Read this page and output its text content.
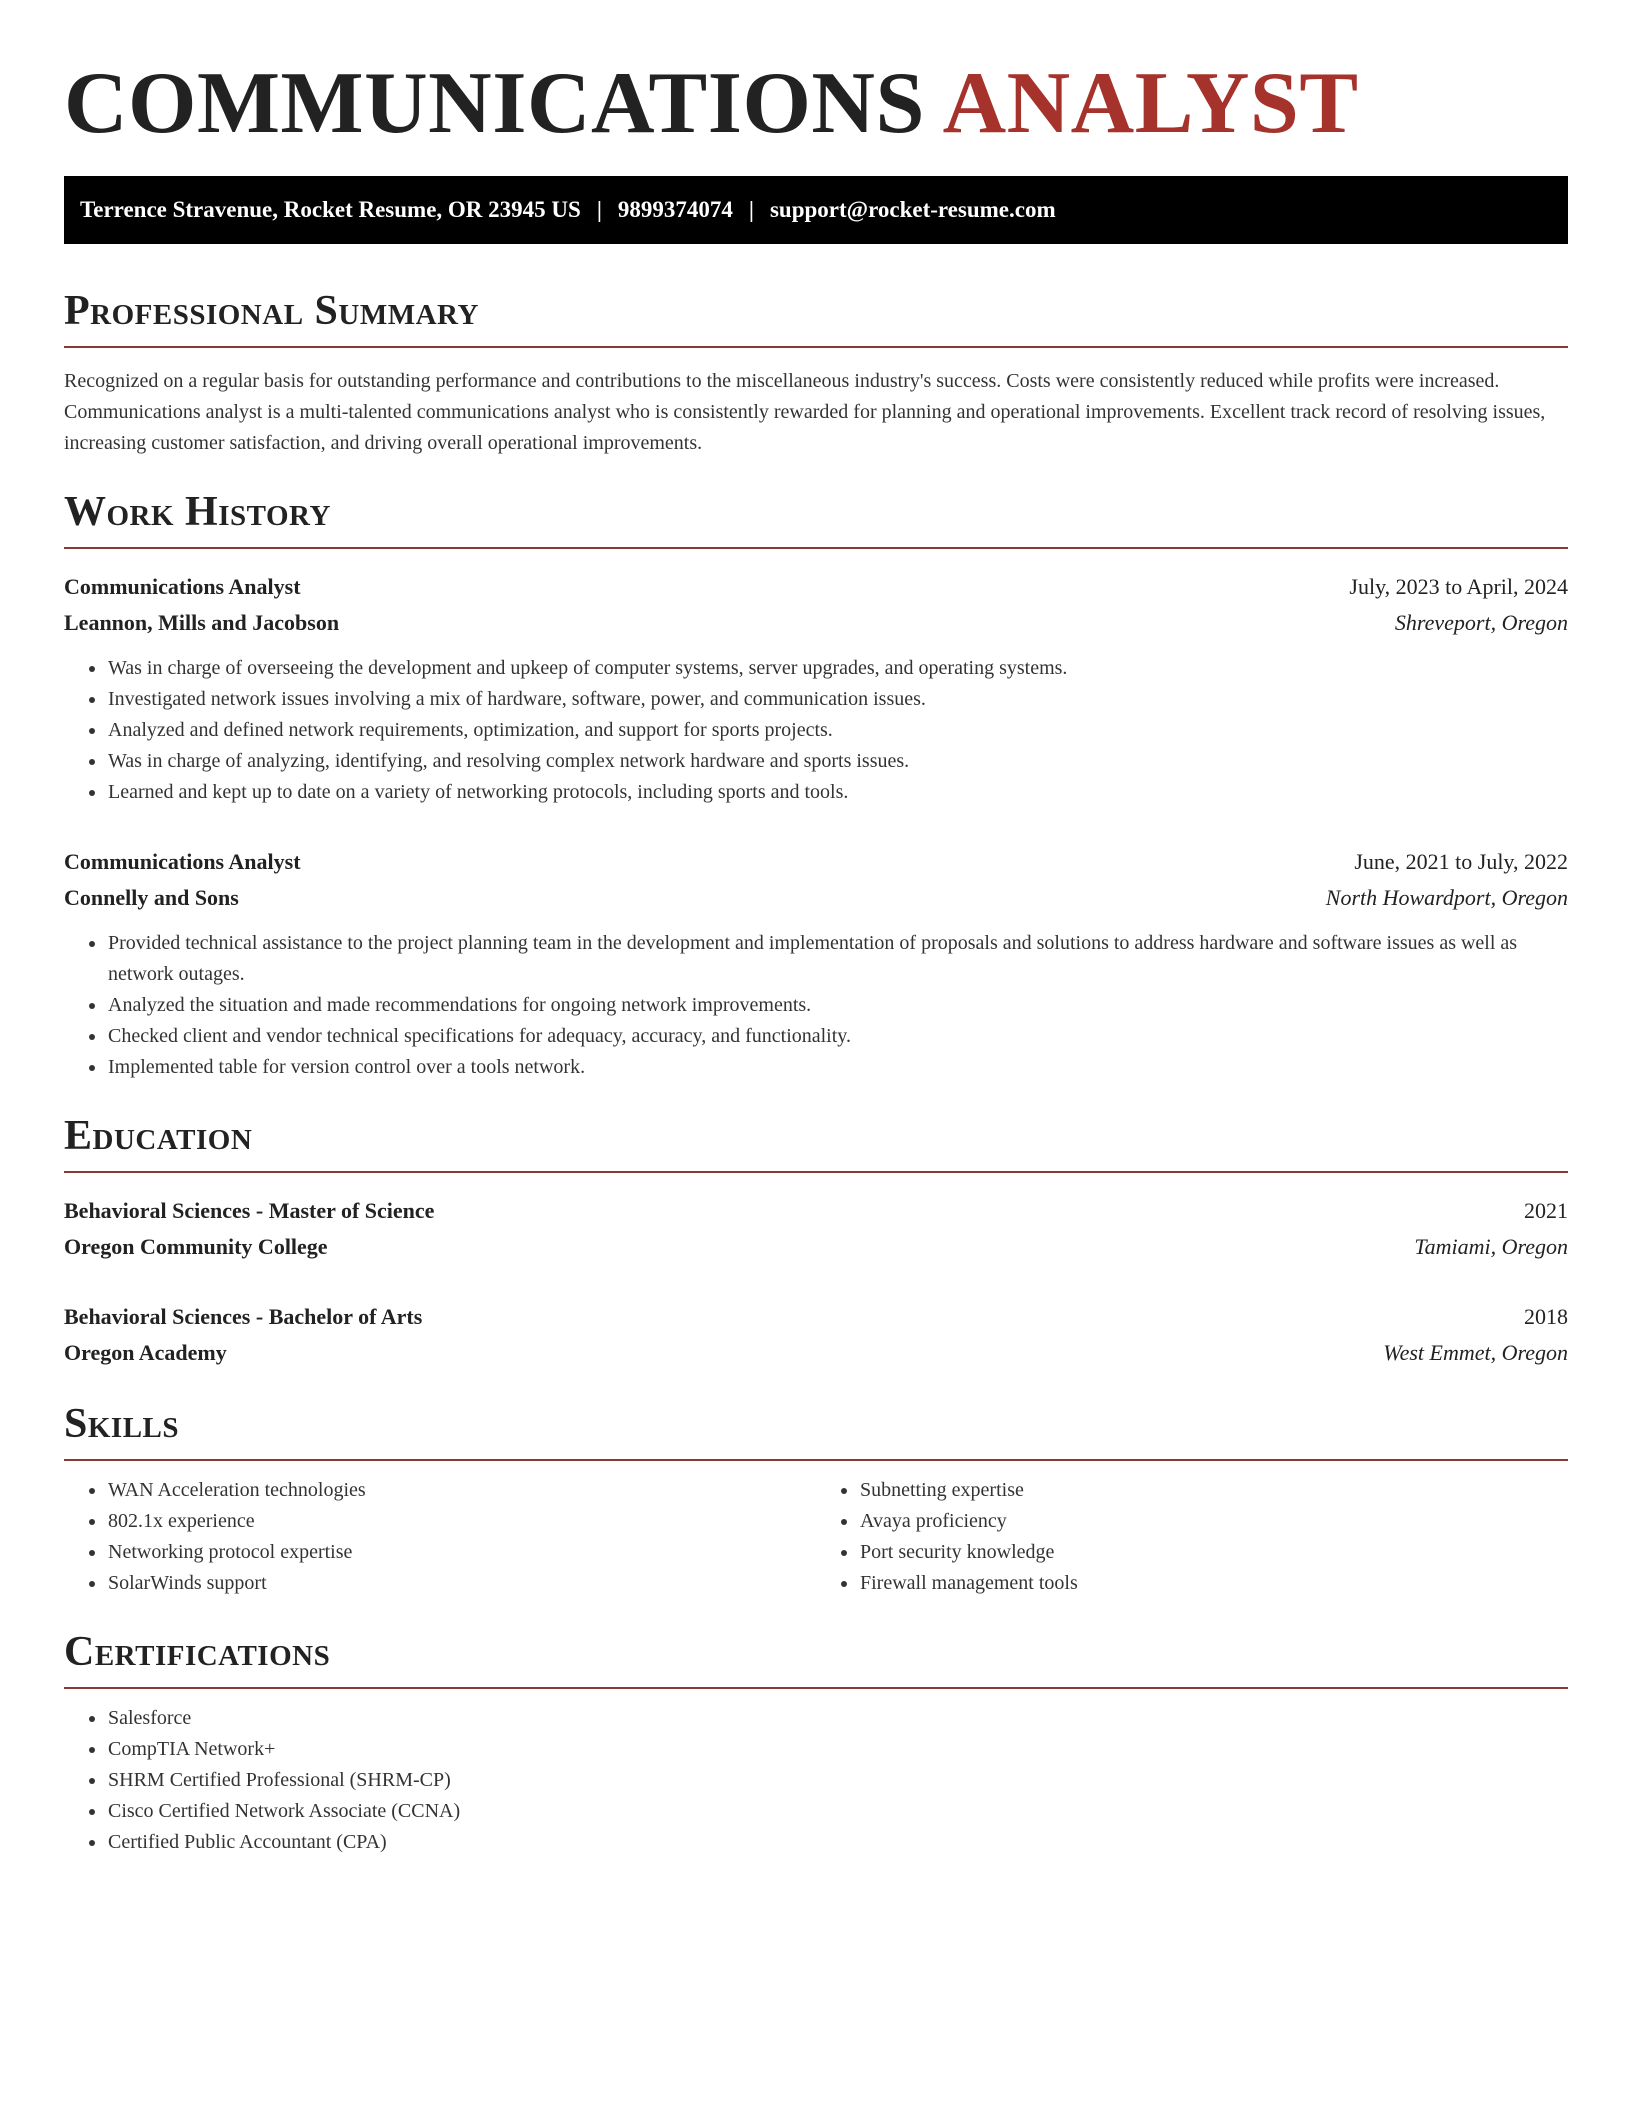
COMMUNICATIONS ANALYST
Terrence Stravenue, Rocket Resume, OR 23945 US | 9899374074 | support@rocket-resume.com
Professional Summary

Recognized on a regular basis for outstanding performance and contributions to the miscellaneous industry's success. Costs were consistently reduced while profits were increased. Communications analyst is a multi-talented communications analyst who is consistently rewarded for planning and operational improvements. Excellent track record of resolving issues, increasing customer satisfaction, and driving overall operational improvements.

Work History
Communications Analyst	July, 2023 to April, 2024
Leannon, Mills and Jacobson	Shreveport, Oregon
• Was in charge of overseeing the development and upkeep of computer systems, server upgrades, and operating systems.
• Investigated network issues involving a mix of hardware, software, power, and communication issues.
• Analyzed and defined network requirements, optimization, and support for sports projects.
• Was in charge of analyzing, identifying, and resolving complex network hardware and sports issues.
• Learned and kept up to date on a variety of networking protocols, including sports and tools.
Communications Analyst	June, 2021 to July, 2022
Connelly and Sons	North Howardport, Oregon
• Provided technical assistance to the project planning team in the development and implementation of proposals and solutions to address hardware and software issues as well as network outages.
• Analyzed the situation and made recommendations for ongoing network improvements.
• Checked client and vendor technical specifications for adequacy, accuracy, and functionality.
• Implemented table for version control over a tools network.
Education
Behavioral Sciences - Master of Science	2021
Oregon Community College	Tamiami, Oregon
Behavioral Sciences - Bachelor of Arts	2018
Oregon Academy	West Emmet, Oregon
Skills
• WAN Acceleration technologies
• 802.1x experience
• Networking protocol expertise
• SolarWinds support
• Subnetting expertise
• Avaya proficiency
• Port security knowledge
• Firewall management tools
Certifications
• Salesforce
• CompTIA Network+
• SHRM Certified Professional (SHRM-CP)
• Cisco Certified Network Associate (CCNA)
• Certified Public Accountant (CPA)
